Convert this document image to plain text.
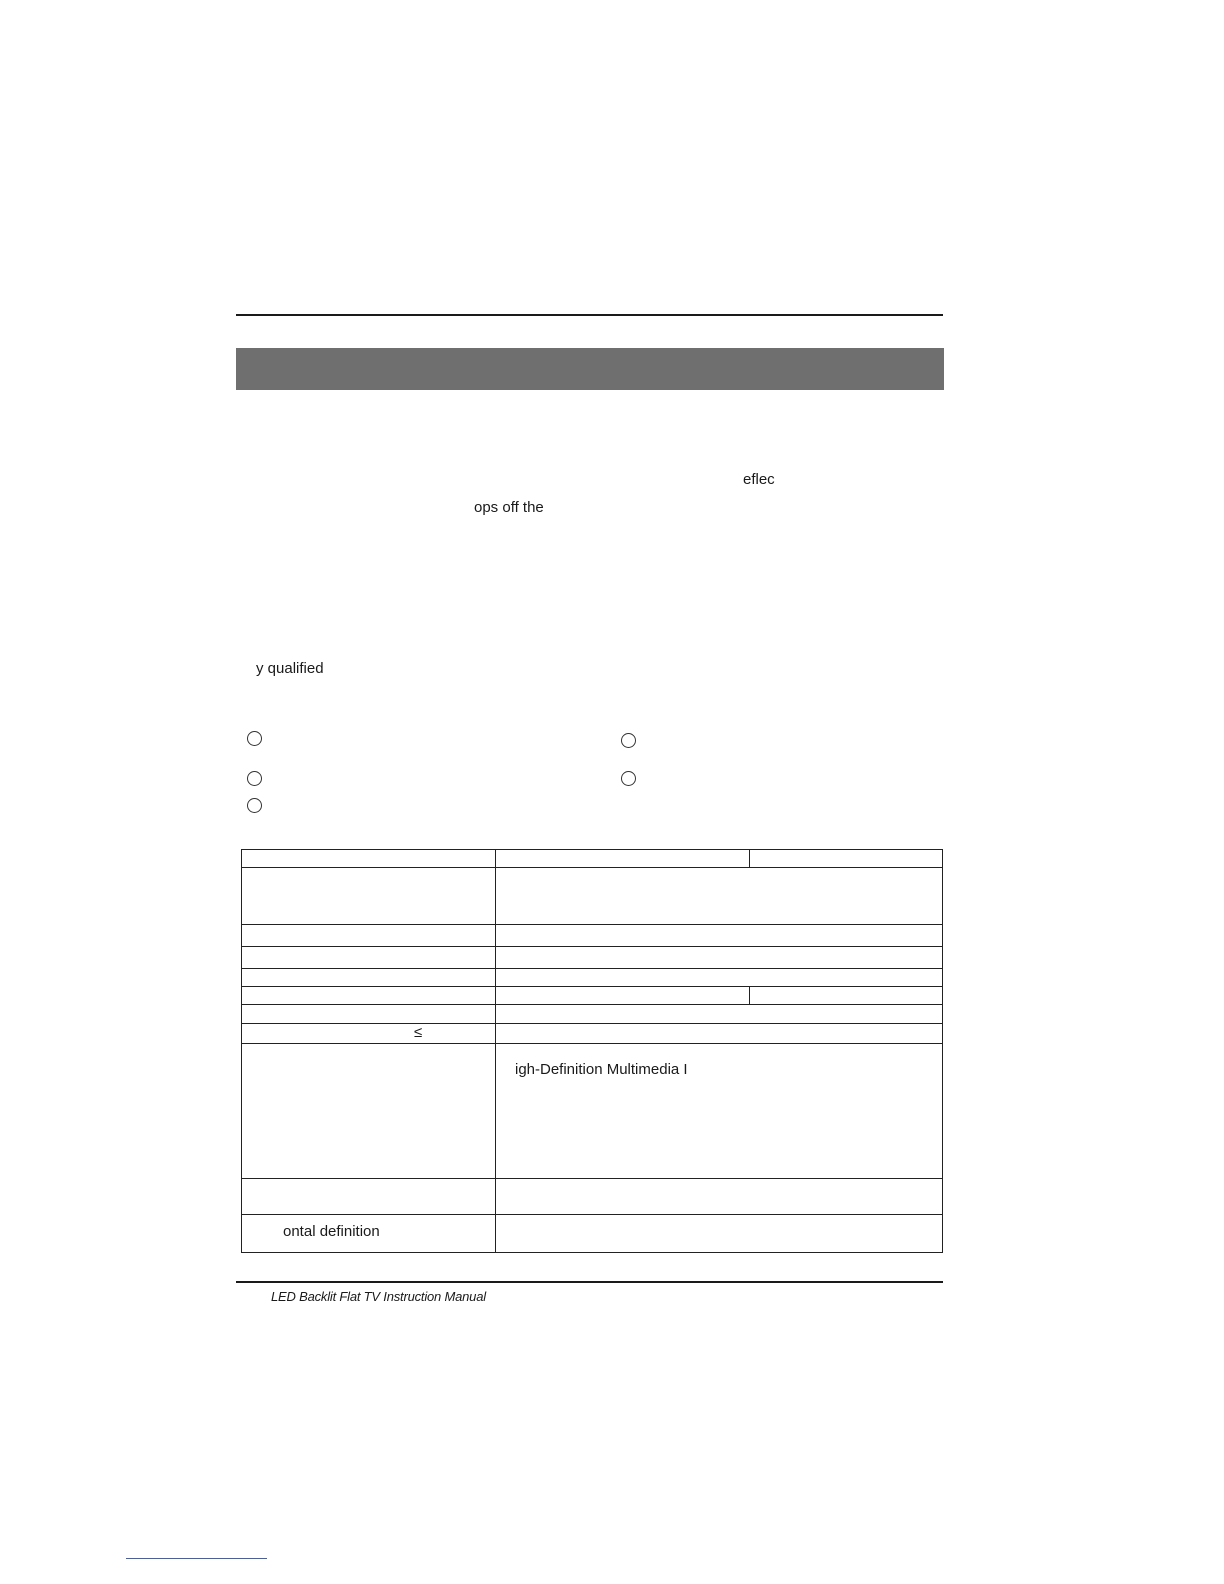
eflec
ops off the
y qualified
≤
igh-Definition Multimedia I
ontal definition
LED Backlit Flat TV Instruction Manual
